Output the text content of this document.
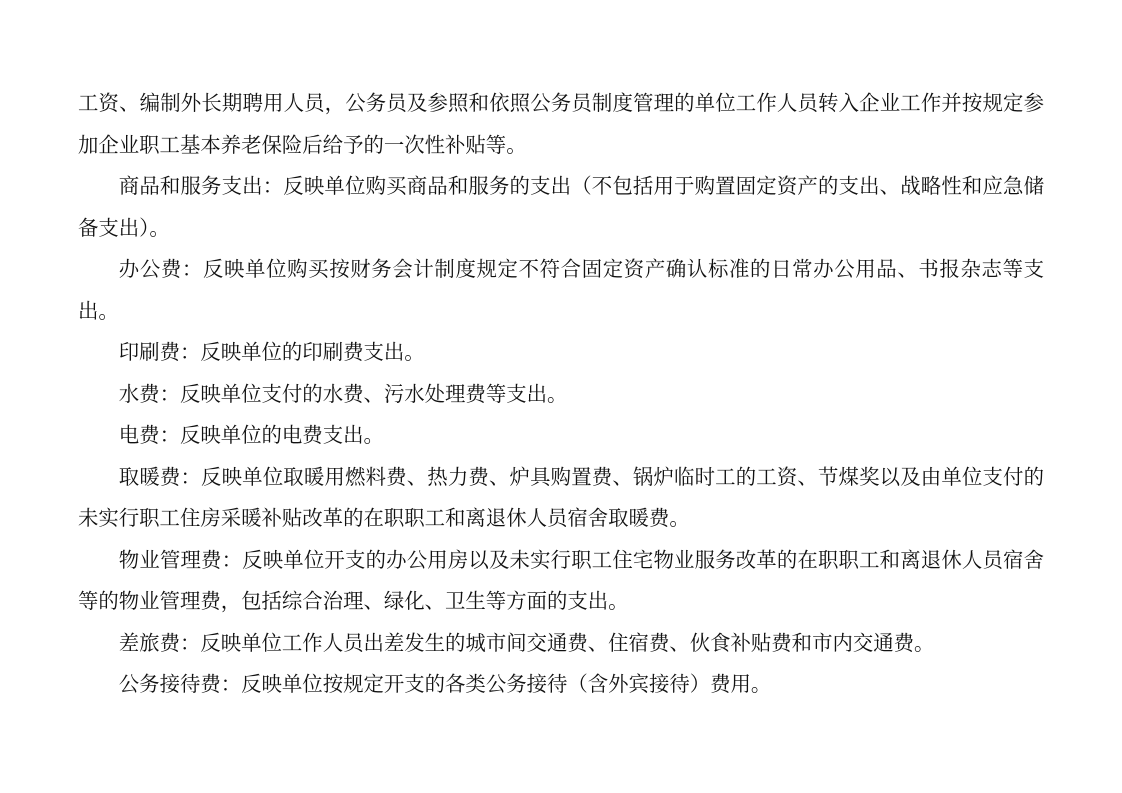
工资、编制外长期聘用人员，公务员及参照和依照公务员制度管理的单位工作人员转入企业工作并按规定参加企业职工基本养老保险后给予的一次性补贴等。

商品和服务支出：反映单位购买商品和服务的支出（不包括用于购置固定资产的支出、战略性和应急储备支出）。

办公费：反映单位购买按财务会计制度规定不符合固定资产确认标准的日常办公用品、书报杂志等支出。

印刷费：反映单位的印刷费支出。

水费：反映单位支付的水费、污水处理费等支出。

电费：反映单位的电费支出。

取暖费：反映单位取暖用燃料费、热力费、炉具购置费、锅炉临时工的工资、节煤奖以及由单位支付的未实行职工住房采暖补贴改革的在职职工和离退休人员宿舍取暖费。

物业管理费：反映单位开支的办公用房以及未实行职工住宅物业服务改革的在职职工和离退休人员宿舍等的物业管理费，包括综合治理、绿化、卫生等方面的支出。

差旅费：反映单位工作人员出差发生的城市间交通费、住宿费、伙食补贴费和市内交通费。

公务接待费：反映单位按规定开支的各类公务接待（含外宾接待）费用。
